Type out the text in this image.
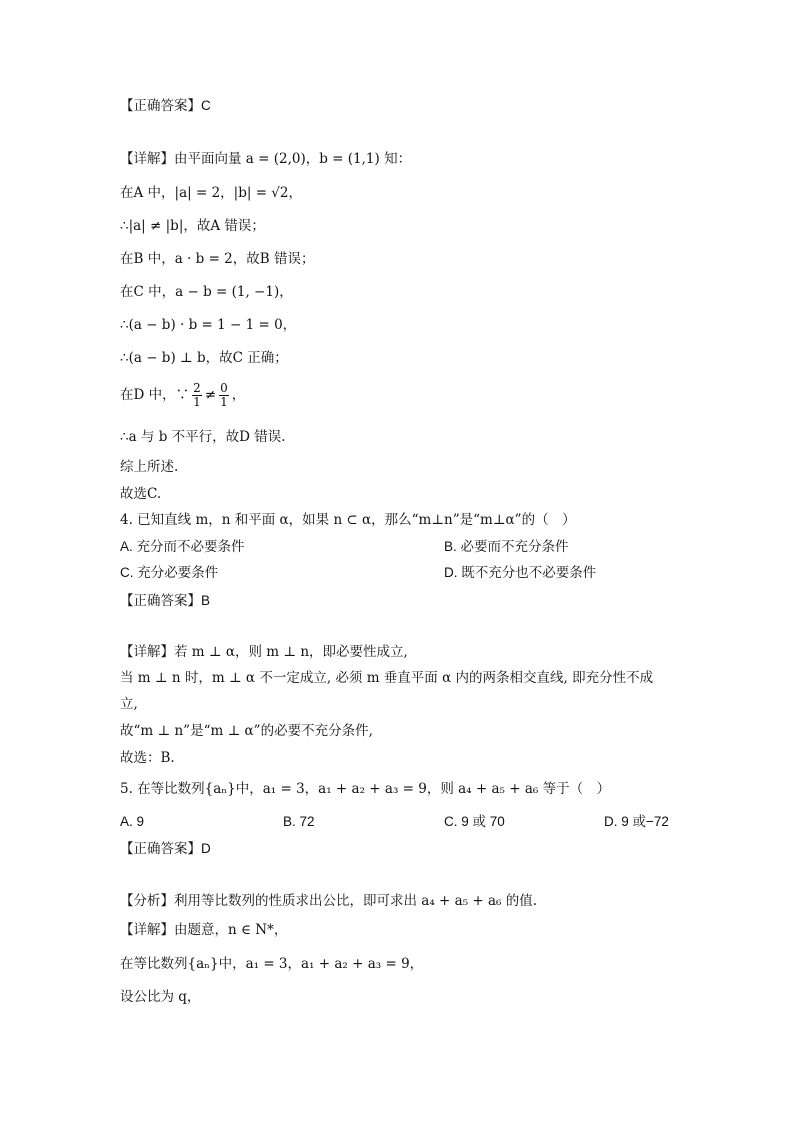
【正确答案】C
【详解】由平面向量 a = (2,0)，b = (1,1) 知：
在A 中，|a| = 2，|b| = √2，
∴|a| ≠ |b|，故A 错误；
在B 中，a · b = 2，故B 错误；
在C 中，a − b = (1, −1)，
∴(a − b) · b = 1 − 1 = 0，
∴(a − b) ⊥ b，故C 正确；
在D 中，∵ $\frac{2}{1} \ne \frac{0}{1}$ ，
∴a 与 b 不平行，故D 错误.
综上所述.
故选C.
4. 已知直线 m，n 和平面 α，如果 n ⊂ α，那么“m⊥n”是“m⊥α”的（　）
A. 充分而不必要条件	B. 必要而不充分条件
C. 充分必要条件	D. 既不充分也不必要条件
【正确答案】B
【详解】若 m ⊥ α，则 m ⊥ n，即必要性成立,
当 m ⊥ n 时，m ⊥ α 不一定成立, 必须 m 垂直平面 α 内的两条相交直线, 即充分性不成
立,
故“m ⊥ n”是“m ⊥ α”的必要不充分条件,
故选：B.
5. 在等比数列{aₙ}中，a₁ = 3，a₁ + a₂ + a₃ = 9，则 a₄ + a₅ + a₆ 等于（　）
A. 9	B. 72	C. 9 或 70	D. 9 或−72
【正确答案】D
【分析】利用等比数列的性质求出公比，即可求出 a₄ + a₅ + a₆ 的值.
【详解】由题意，n ∈ N*，
在等比数列{aₙ}中，a₁ = 3，a₁ + a₂ + a₃ = 9，
设公比为 q，
